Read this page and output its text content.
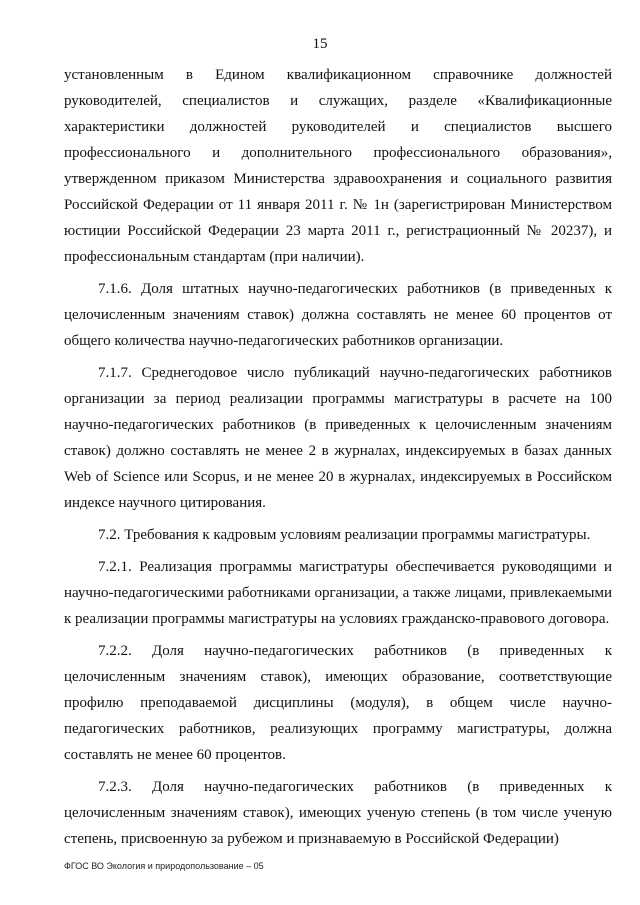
15

установленным в Едином квалификационном справочнике должностей руководителей, специалистов и служащих, разделе «Квалификационные характеристики должностей руководителей и специалистов высшего профессионального и дополнительного профессионального образования», утвержденном приказом Министерства здравоохранения и социального развития Российской Федерации от 11 января 2011 г. № 1н (зарегистрирован Министерством юстиции Российской Федерации 23 марта 2011 г., регистрационный № 20237), и профессиональным стандартам (при наличии).

7.1.6. Доля штатных научно-педагогических работников (в приведенных к целочисленным значениям ставок) должна составлять не менее 60 процентов от общего количества научно-педагогических работников организации.

7.1.7. Среднегодовое число публикаций научно-педагогических работников организации за период реализации программы магистратуры в расчете на 100 научно-педагогических работников (в приведенных к целочисленным значениям ставок) должно составлять не менее 2 в журналах, индексируемых в базах данных Web of Science или Scopus, и не менее 20 в журналах, индексируемых в Российском индексе научного цитирования.

7.2. Требования к кадровым условиям реализации программы магистратуры.

7.2.1. Реализация программы магистратуры обеспечивается руководящими и научно-педагогическими работниками организации, а также лицами, привлекаемыми к реализации программы магистратуры на условиях гражданско-правового договора.

7.2.2. Доля научно-педагогических работников (в приведенных к целочисленным значениям ставок), имеющих образование, соответствующие профилю преподаваемой дисциплины (модуля), в общем числе научно-педагогических работников, реализующих программу магистратуры, должна составлять не менее 60 процентов.

7.2.3. Доля научно-педагогических работников (в приведенных к целочисленным значениям ставок), имеющих ученую степень (в том числе ученую степень, присвоенную за рубежом и признаваемую в Российской Федерации)

ФГОС ВО Экология и природопользование – 05
